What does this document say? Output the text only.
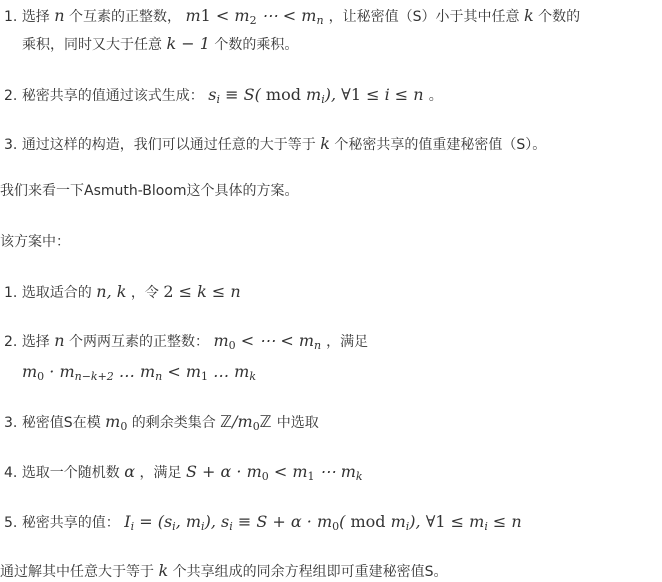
1. 选择 n 个互素的正整数， m1 < m2 ⋯ < $m_n$ ，让秘密值（S）小于其中任意 k 个数的
乘积，同时又大于任意 k − 1 个数的乘积。
2. 秘密共享的值通过该式生成： $s_i \equiv S$( mod $m_i$), ∀1 ≤ i ≤ n 。
3. 通过这样的构造，我们可以通过任意的大于等于 k 个秘密共享的值重建秘密值（S）。
我们来看一下Asmuth-Bloom这个具体的方案。
该方案中：
1. 选取适合的 n, k ，令 2 ≤ k ≤ n
2. 选择 n 个两两互素的正整数： m0 < ⋯ < $m_n$ ，满足
$m0 \cdot m_{n-k+2}$ … $m_n < m1$ … $m_k$
3. 秘密值S在模 m0 的剩余类集合 ℤ/m0ℤ 中选取
4. 选取一个随机数 α ，满足 S + α · m0 < m1 ⋯ $m_k$
5. 秘密共享的值： $I_i = (s_i$, $m_i$), $s_i \equiv S + \alpha \cdot m0$( mod $m_i$), ∀1 ≤ $m_i \le n$
通过解其中任意大于等于 k 个共享组成的同余方程组即可重建秘密值S。
